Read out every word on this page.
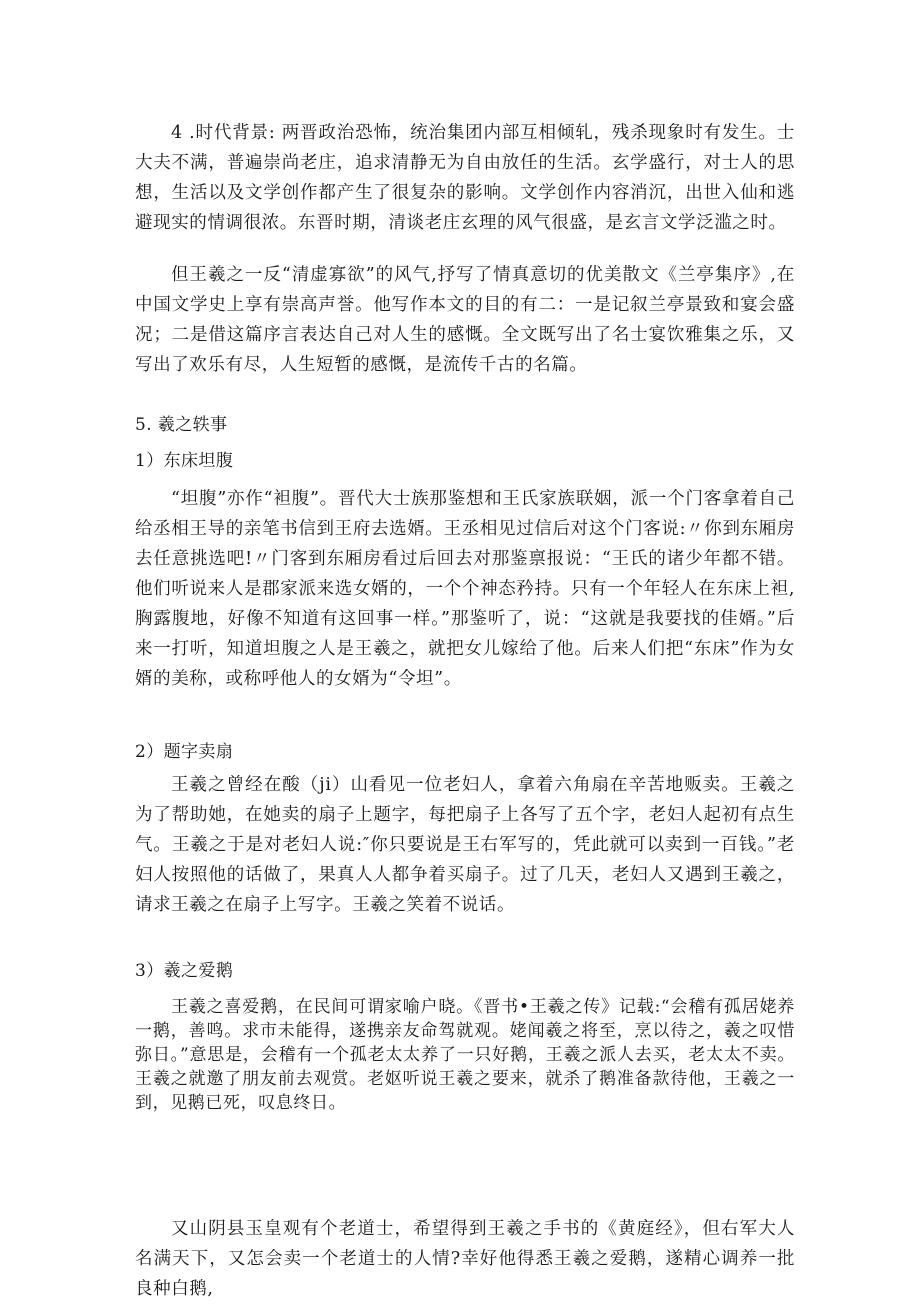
4 .时代背景: 两晋政治恐怖，统治集团内部互相倾轧，残杀现象时有发生。士大夫不满，普遍崇尚老庄，追求清静无为自由放任的生活。玄学盛行，对士人的思想，生活以及文学创作都产生了很复杂的影响。文学创作内容消沉，出世入仙和逃避现实的情调很浓。东晋时期，清谈老庄玄理的风气很盛，是玄言文学泛滥之时。

但王羲之一反“清虚寡欲”的风气,抒写了情真意切的优美散文《兰亭集序》,在中国文学史上享有崇高声誉。他写作本文的目的有二：一是记叙兰亭景致和宴会盛况；二是借这篇序言表达自己对人生的感慨。全文既写出了名士宴饮雅集之乐，又写出了欢乐有尽，人生短暂的感慨，是流传千古的名篇。

5. 羲之轶事

1）东床坦腹

“坦腹”亦作“袒腹”。晋代大士族那鉴想和王氏家族联姻，派一个门客拿着自己给丞相王导的亲笔书信到王府去选婿。王丞相见过信后对这个门客说:〃你到东厢房去任意挑选吧!〃门客到东厢房看过后回去对那鉴禀报说：“王氏的诸少年都不错。他们听说来人是郡家派来选女婿的，一个个神态矜持。只有一个年轻人在东床上袒,胸露腹地，好像不知道有这回事一样。”那鉴听了，说：“这就是我要找的佳婿。”后来一打听，知道坦腹之人是王羲之，就把女儿嫁给了他。后来人们把“东床”作为女婿的美称，或称呼他人的女婿为“令坦”。

2）题字卖扇

王羲之曾经在酸（ji）山看见一位老妇人，拿着六角扇在辛苦地贩卖。王羲之为了帮助她，在她卖的扇子上题字，每把扇子上各写了五个字，老妇人起初有点生气。王羲之于是对老妇人说:″你只要说是王右军写的，凭此就可以卖到一百钱。”老妇人按照他的话做了，果真人人都争着买扇子。过了几天，老妇人又遇到王羲之，请求王羲之在扇子上写字。王羲之笑着不说话。

3）羲之爱鹅

王羲之喜爱鹅，在民间可谓家喻户晓。《晋书•王羲之传》记载:“会稽有孤居姥养一鹅，善鸣。求市未能得，遂携亲友命驾就观。姥闻羲之将至，烹以待之，羲之叹惜弥日。”意思是，会稽有一个孤老太太养了一只好鹅，王羲之派人去买，老太太不卖。王羲之就邀了朋友前去观赏。老妪听说王羲之要来，就杀了鹅准备款待他，王羲之一到，见鹅已死，叹息终日。

又山阴县玉皇观有个老道士，希望得到王羲之手书的《黄庭经》，但右军大人名满天下，又怎会卖一个老道士的人情?幸好他得悉王羲之爱鹅，遂精心调养一批良种白鹅,
